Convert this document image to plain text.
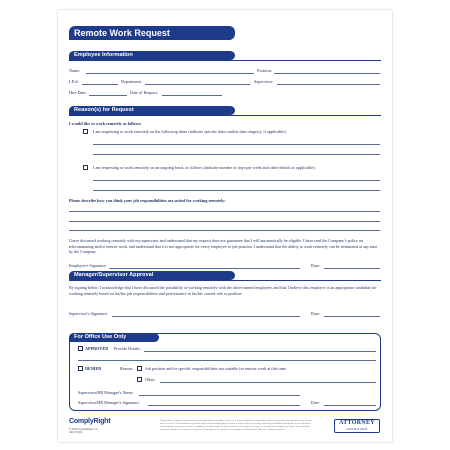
Remote Work Request
Employee Information
Name:	Position:
I.D.#:	Department:	Supervisor:
Hire Date:	Date of Request:
Reason(s) for Request
I would like to work remotely as follows:
I am requesting to work remotely on the following dates (indicate specific dates and/or date range(s), if applicable):
I am requesting to work remotely on an ongoing basis, as follows (indicate number of days per week and other details as applicable):
Please describe how you think your job responsibilities are suited for working remotely:
I have discussed working remotely with my supervisor and understand that my request does not guarantee that I will automatically be eligible. I have read the Company's policy on telecommuting and/or remote work, and understand that it is not appropriate for every employee or job position. I understand that the ability to work remotely can be terminated at any time by the Company.
Employee's Signature:	Date:
Manager/Supervisor Approval
By signing below, I acknowledge that I have discussed the possibility of working remotely with the above named employee, and that I believe this employee is an appropriate candidate for working remotely based on his/her job responsibilities and performance in his/her current role or position.
Supervisor's Signature:	Date:
For Office Use Only
APPROVED Provide Details:
DENIED	Reason:	Job position and/or specific responsibilities not suitable for remote work at this time
Other:
Supervisor/HR Manager's Name:
Supervisor/HR Manager's Signature:	Date:
ComplyRight
© 2016 ComplyRight, Inc.
A0173 (NS)
This product is designed to provide accurate and authoritative information. However, it is not a substitute for legal advice and does not provide legal opinions on any specific facts or services. This information is provided with the understanding that any person or entity involved in creating, producing or distributing this product is not responsible for any damages arising out of the use or inability to use this product. Federal and state laws are subject to change; we recommend consulting your legal counsel regarding any specific questions or concerns you may have. Form may not be reproduced or transmitted, electronically or otherwise, without permission.
ATTORNEY
APPROVED
